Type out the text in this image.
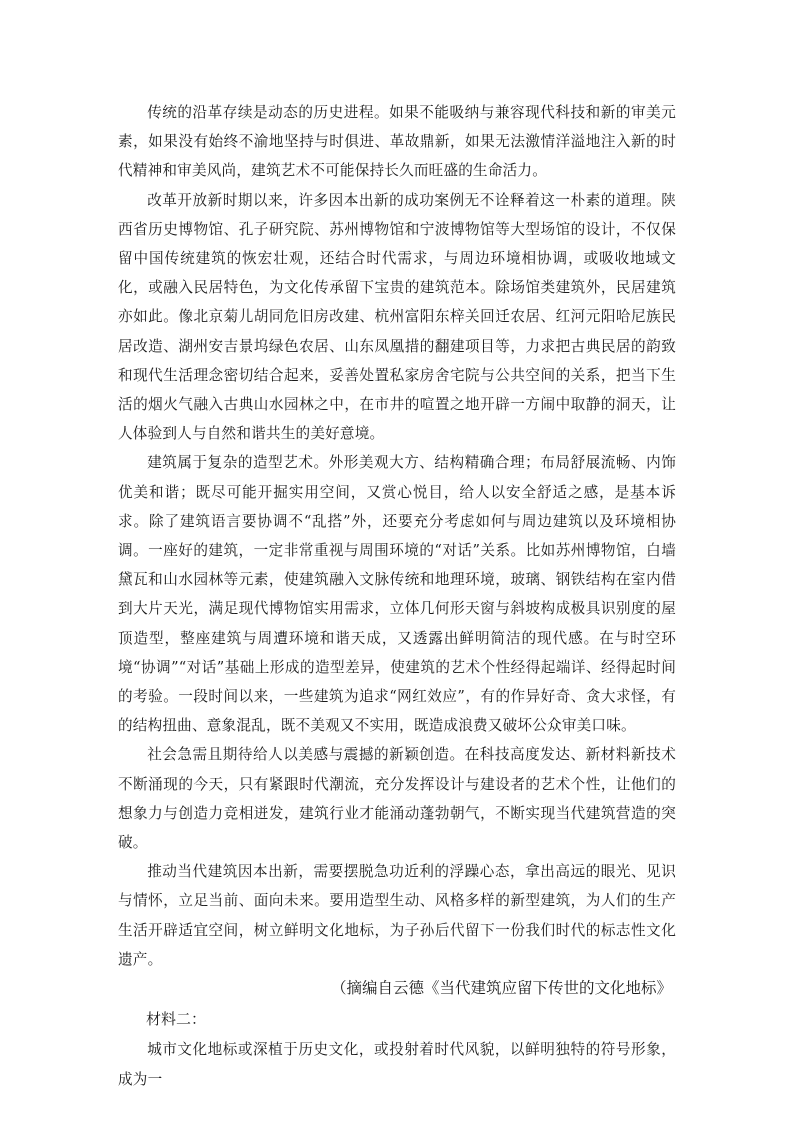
传统的沿革存续是动态的历史进程。如果不能吸纳与兼容现代科技和新的审美元素，如果没有始终不渝地坚持与时俱进、革故鼎新，如果无法激情洋溢地注入新的时代精神和审美风尚，建筑艺术不可能保持长久而旺盛的生命活力。

改革开放新时期以来，许多因本出新的成功案例无不诠释着这一朴素的道理。陕西省历史博物馆、孔子研究院、苏州博物馆和宁波博物馆等大型场馆的设计，不仅保留中国传统建筑的恢宏壮观，还结合时代需求，与周边环境相协调，或吸收地域文化，或融入民居特色，为文化传承留下宝贵的建筑范本。除场馆类建筑外，民居建筑亦如此。像北京菊儿胡同危旧房改建、杭州富阳东梓关回迁农居、红河元阳哈尼族民居改造、湖州安吉景坞绿色农居、山东凤凰措的翻建项目等，力求把古典民居的韵致和现代生活理念密切结合起来，妥善处置私家房舍宅院与公共空间的关系，把当下生活的烟火气融入古典山水园林之中，在市井的喧置之地开辟一方闹中取静的洞天，让人体验到人与自然和谐共生的美好意境。

建筑属于复杂的造型艺术。外形美观大方、结构精确合理；布局舒展流畅、内饰优美和谐；既尽可能开掘实用空间，又赏心悦目，给人以安全舒适之感，是基本诉求。除了建筑语言要协调不“乱搭”外，还要充分考虑如何与周边建筑以及环境相协调。一座好的建筑，一定非常重视与周围环境的“对话”关系。比如苏州博物馆，白墙黛瓦和山水园林等元素，使建筑融入文脉传统和地理环境，玻璃、钢铁结构在室内借到大片天光，满足现代博物馆实用需求，立体几何形天窗与斜坡构成极具识别度的屋顶造型，整座建筑与周遭环境和谐天成，又透露出鲜明简洁的现代感。在与时空环境“协调”“对话”基础上形成的造型差异，使建筑的艺术个性经得起端详、经得起时间的考验。一段时间以来，一些建筑为追求“网红效应”，有的作异好奇、贪大求怪，有的结构扭曲、意象混乱，既不美观又不实用，既造成浪费又破坏公众审美口味。

社会急需且期待给人以美感与震撼的新颖创造。在科技高度发达、新材料新技术不断涌现的今天，只有紧跟时代潮流，充分发挥设计与建设者的艺术个性，让他们的想象力与创造力竞相迸发，建筑行业才能涌动蓬勃朝气，不断实现当代建筑营造的突破。

推动当代建筑因本出新，需要摆脱急功近利的浮躁心态，拿出高远的眼光、见识与情怀，立足当前、面向未来。要用造型生动、风格多样的新型建筑，为人们的生产生活开辟适宜空间，树立鲜明文化地标，为子孙后代留下一份我们时代的标志性文化遗产。

（摘编自云德《当代建筑应留下传世的文化地标》

材料二：

城市文化地标或深植于历史文化，或投射着时代风貌，以鲜明独特的符号形象，成为一
